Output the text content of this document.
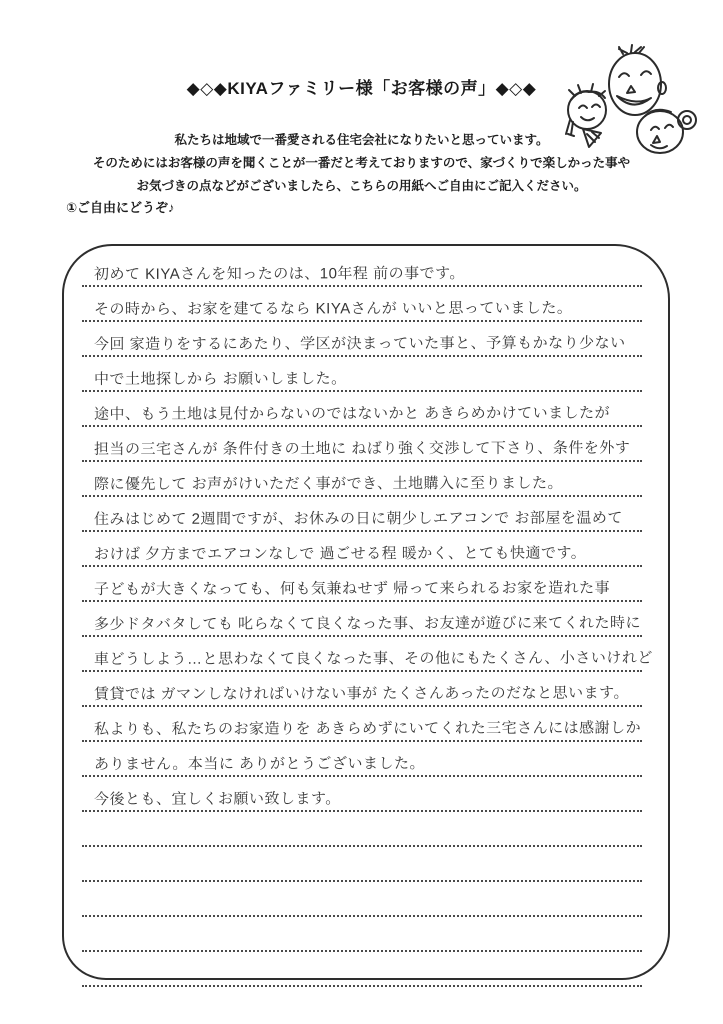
◆◇◆KIYAファミリー様「お客様の声」◆◇◆
私たちは地域で一番愛される住宅会社になりたいと思っています。
そのためにはお客様の声を聞くことが一番だと考えておりますので、家づくりで楽しかった事や
お気づきの点などがございましたら、こちらの用紙へご自由にご記入ください。
①ご自由にどうぞ♪
初めて KIYAさんを知ったのは、10年程 前の事です。
その時から、お家を建てるなら KIYAさんが いいと思っていました。
今回 家造りをするにあたり、学区が決まっていた事と、予算もかなり少ない
中で土地探しから お願いしました。
途中、もう土地は見付からないのではないかと あきらめかけていましたが
担当の三宅さんが 条件付きの土地に ねばり強く交渉して下さり、条件を外す
際に優先して お声がけいただく事ができ、土地購入に至りました。
住みはじめて 2週間ですが、お休みの日に朝少しエアコンで お部屋を温めて
おけば 夕方までエアコンなしで 過ごせる程 暖かく、とても快適です。
子どもが大きくなっても、何も気兼ねせず 帰って来られるお家を造れた事
多少ドタバタしても 叱らなくて良くなった事、お友達が遊びに来てくれた時に
車どうしよう…と思わなくて良くなった事、その他にもたくさん、小さいけれど
賃貸では ガマンしなければいけない事が たくさんあったのだなと思います。
私よりも、私たちのお家造りを あきらめずにいてくれた三宅さんには感謝しか
ありません。本当に ありがとうございました。
今後とも、宜しくお願い致します。
